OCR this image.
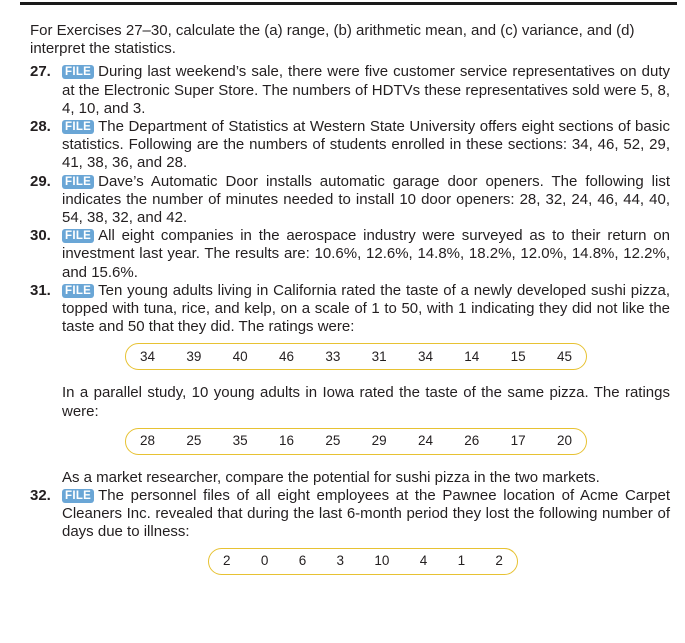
For Exercises 27–30, calculate the (a) range, (b) arithmetic mean, and (c) variance, and (d) interpret the statistics.

27. FILE During last weekend’s sale, there were five customer service representatives on duty at the Electronic Super Store. The numbers of HDTVs these representatives sold were 5, 8, 4, 10, and 3.
28. FILE The Department of Statistics at Western State University offers eight sections of basic statistics. Following are the numbers of students enrolled in these sections: 34, 46, 52, 29, 41, 38, 36, and 28.
29. FILE Dave’s Automatic Door installs automatic garage door openers. The following list indicates the number of minutes needed to install 10 door openers: 28, 32, 24, 46, 44, 40, 54, 38, 32, and 42.
30. FILE All eight companies in the aerospace industry were surveyed as to their return on investment last year. The results are: 10.6%, 12.6%, 14.8%, 18.2%, 12.0%, 14.8%, 12.2%, and 15.6%.
31. FILE Ten young adults living in California rated the taste of a newly developed sushi pizza, topped with tuna, rice, and kelp, on a scale of 1 to 50, with 1 indicating they did not like the taste and 50 that they did. The ratings were:
34 39 40 46 33 31 34 14 15 45

In a parallel study, 10 young adults in Iowa rated the taste of the same pizza. The ratings were:

28 25 35 16 25 29 24 26 17 20

As a market researcher, compare the potential for sushi pizza in the two markets.

32. FILE The personnel files of all eight employees at the Pawnee location of Acme Carpet Cleaners Inc. revealed that during the last 6-month period they lost the following number of days due to illness:
2 0 6 3 10 4 1 2
